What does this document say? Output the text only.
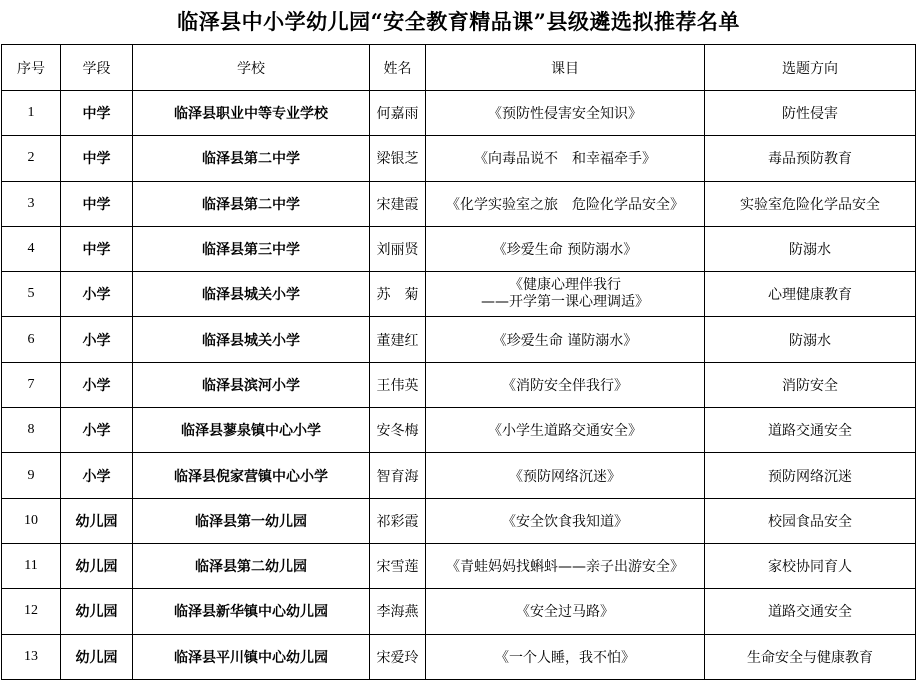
临泽县中小学幼儿园“安全教育精品课”县级遴选拟推荐名单
序号	学段	学校	姓名	课目	选题方向
1	中学	临泽县职业中等专业学校	何嘉雨	《预防性侵害安全知识》	防性侵害
2	中学	临泽县第二中学	梁银芝	《向毒品说不　和幸福牵手》	毒品预防教育
3	中学	临泽县第二中学	宋建霞	《化学实验室之旅　危险化学品安全》	实验室危险化学品安全
4	中学	临泽县第三中学	刘丽贤	《珍爱生命 预防溺水》	防溺水
5	小学	临泽县城关小学	苏　菊	《健康心理伴我行
——开学第一课心理调适》	心理健康教育
6	小学	临泽县城关小学	董建红	《珍爱生命 谨防溺水》	防溺水
7	小学	临泽县滨河小学	王伟英	《消防安全伴我行》	消防安全
8	小学	临泽县蓼泉镇中心小学	安冬梅	《小学生道路交通安全》	道路交通安全
9	小学	临泽县倪家营镇中心小学	智育海	《预防网络沉迷》	预防网络沉迷
10	幼儿园	临泽县第一幼儿园	祁彩霞	《安全饮食我知道》	校园食品安全
11	幼儿园	临泽县第二幼儿园	宋雪莲	《青蛙妈妈找蝌蚪——亲子出游安全》	家校协同育人
12	幼儿园	临泽县新华镇中心幼儿园	李海燕	《安全过马路》	道路交通安全
13	幼儿园	临泽县平川镇中心幼儿园	宋爱玲	《一个人睡，我不怕》	生命安全与健康教育
